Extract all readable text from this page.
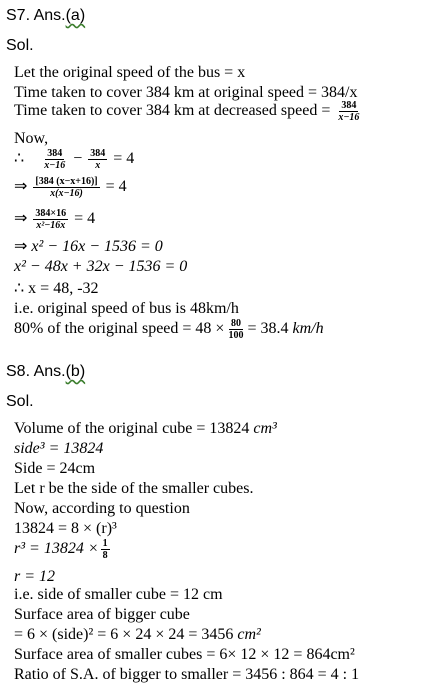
S7. Ans.(a)
Sol.
Let the original speed of the bus = x
Time taken to cover 384 km at original speed = 384/x
Time taken to cover 384 km at decreased speed = $\frac{384}{x-16}$
Now,
∴ $\frac{384}{x-16} - \frac{384}{x} = 4$
⇒ $\frac{[384 (x-x+16)]}{x(x-16)} = 4$
⇒ $\frac{384\times 16}{\text{x²−16x}} = 4$
⇒ x² − 16x − 1536 = 0
x² − 48x + 32x − 1536 = 0
∴ x = 48, -32
i.e. original speed of bus is 48km/h
80% of the original speed = $48 \times \frac{80}{100} = 38.4$ km/h
S8. Ans.(b)
Sol.
Volume of the original cube = 13824 cm³
side³ = 13824
Side = 24cm
Let r be the side of the smaller cubes.
Now, according to question
13824 = 8 × (r)³
$r^3 = 13824 \times \frac{1}{8}$
r = 12
i.e. side of smaller cube = 12 cm
Surface area of bigger cube
= 6 × (side)² = 6 × 24 × 24 = 3456 cm²
Surface area of smaller cubes = 6× 12 × 12 = 864cm²
Ratio of S.A. of bigger to smaller = 3456 : 864 = 4 : 1
